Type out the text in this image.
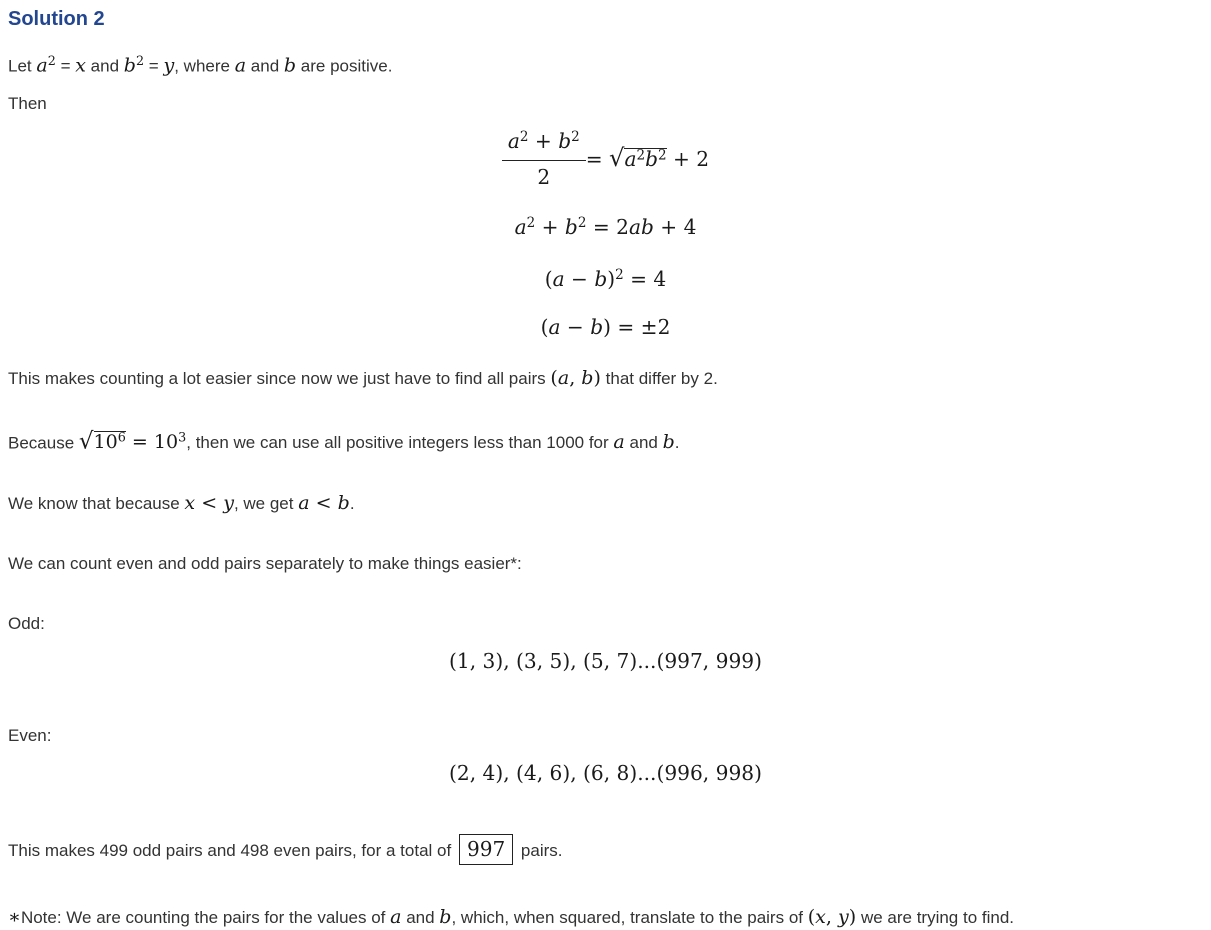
Solution 2

Let $a^2 = x$ and $b^2 = y$, where a and b are positive.

Then

$\frac{a^2 + b^2}{2} = √a^2b^2 + 2$
$a^2 + b^2 = 2ab + 4$
$(a - b)^2 = 4$
(a − b) = ±2

This makes counting a lot easier since now we just have to find all pairs (a, b) that differ by 2.

Because $√10^6 = 10^3$, then we can use all positive integers less than 1000 for a and b.

We know that because x < y, we get a < b.

We can count even and odd pairs separately to make things easier*:

Odd:

(1, 3), (3, 5), (5, 7)...(997, 999)

Even:

(2, 4), (4, 6), (6, 8)...(996, 998)

This makes 499 odd pairs and 498 even pairs, for a total of 997 pairs.

∗Note: We are counting the pairs for the values of a and b, which, when squared, translate to the pairs of (x, y) we are trying to find.
